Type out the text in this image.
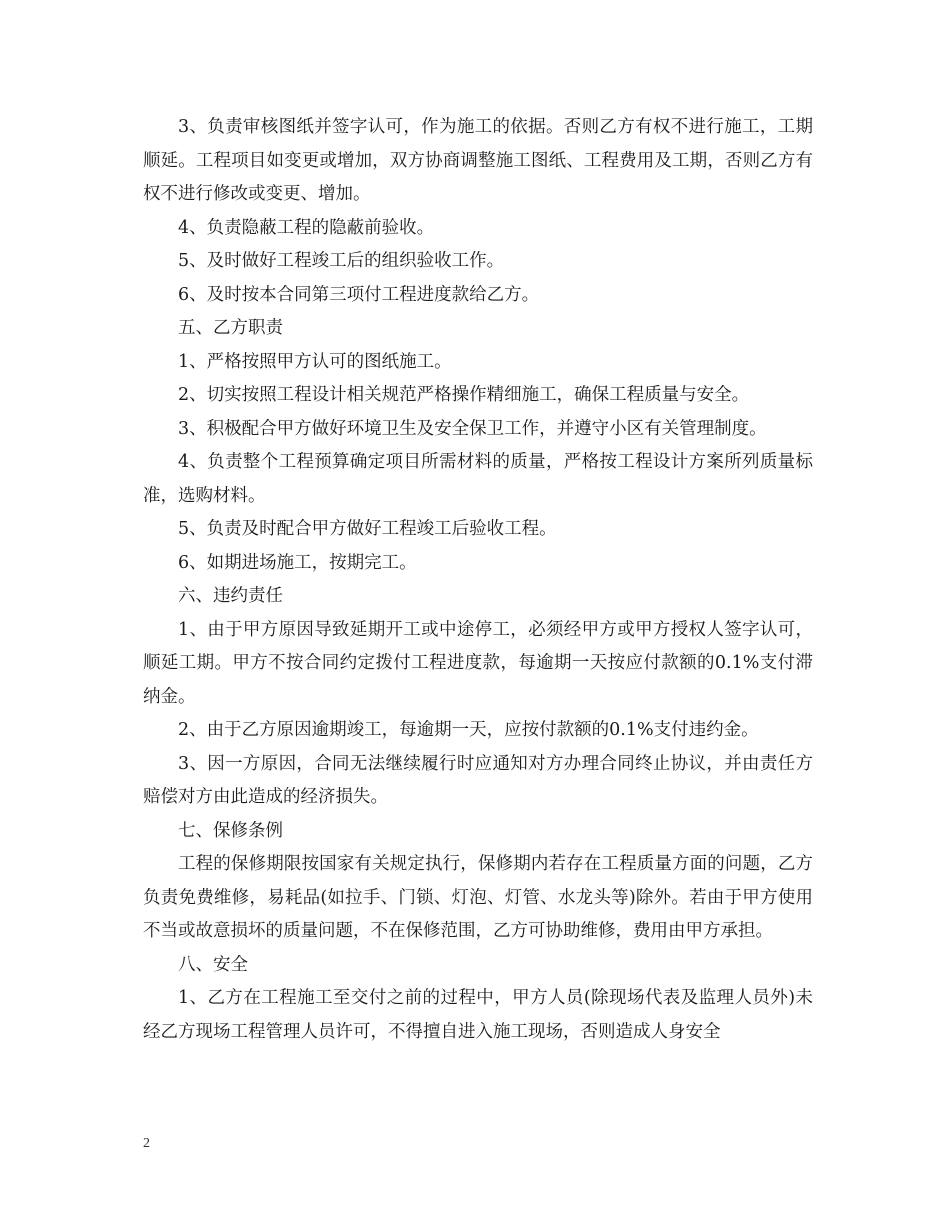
3、负责审核图纸并签字认可，作为施工的依据。否则乙方有权不进行施工，工期顺延。工程项目如变更或增加，双方协商调整施工图纸、工程费用及工期，否则乙方有权不进行修改或变更、增加。

4、负责隐蔽工程的隐蔽前验收。

5、及时做好工程竣工后的组织验收工作。

6、及时按本合同第三项付工程进度款给乙方。

五、乙方职责

1、严格按照甲方认可的图纸施工。

2、切实按照工程设计相关规范严格操作精细施工，确保工程质量与安全。

3、积极配合甲方做好环境卫生及安全保卫工作，并遵守小区有关管理制度。

4、负责整个工程预算确定项目所需材料的质量，严格按工程设计方案所列质量标准，选购材料。

5、负责及时配合甲方做好工程竣工后验收工程。

6、如期进场施工，按期完工。

六、违约责任

1、由于甲方原因导致延期开工或中途停工，必须经甲方或甲方授权人签字认可，顺延工期。甲方不按合同约定拨付工程进度款，每逾期一天按应付款额的0.1%支付滞纳金。

2、由于乙方原因逾期竣工，每逾期一天，应按付款额的0.1%支付违约金。

3、因一方原因，合同无法继续履行时应通知对方办理合同终止协议，并由责任方赔偿对方由此造成的经济损失。

七、保修条例

工程的保修期限按国家有关规定执行，保修期内若存在工程质量方面的问题，乙方负责免费维修，易耗品(如拉手、门锁、灯泡、灯管、水龙头等)除外。若由于甲方使用不当或故意损坏的质量问题，不在保修范围，乙方可协助维修，费用由甲方承担。

八、安全

1、乙方在工程施工至交付之前的过程中，甲方人员(除现场代表及监理人员外)未经乙方现场工程管理人员许可，不得擅自进入施工现场，否则造成人身安全

2
